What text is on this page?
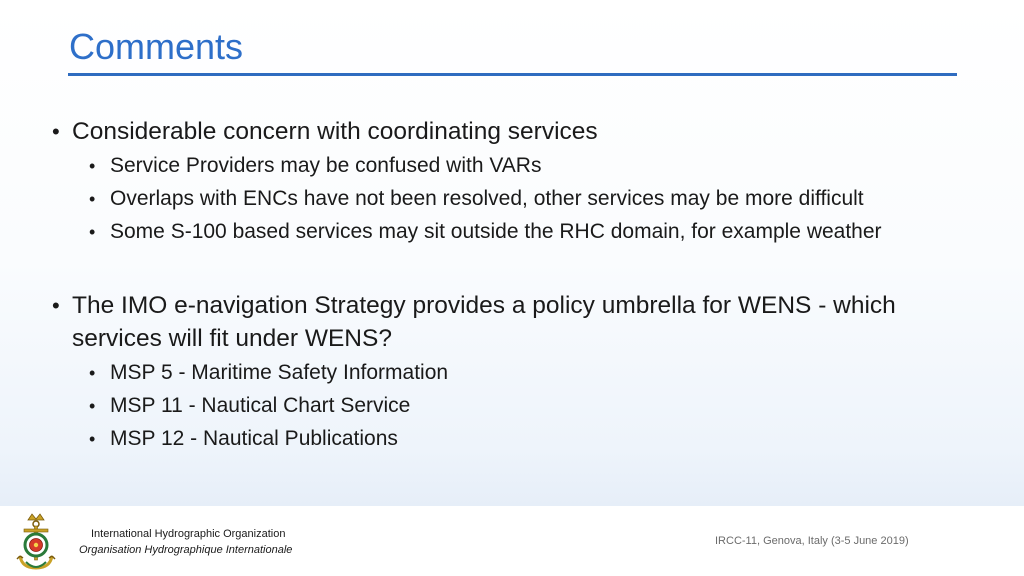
Comments
• Considerable concern with coordinating services
• Service Providers may be confused with VARs
• Overlaps with ENCs have not been resolved, other services may be more difficult
• Some S-100 based services may sit outside the RHC domain, for example weather
• The IMO e-navigation Strategy provides a policy umbrella for WENS - which services will fit under WENS?
• MSP 5 - Maritime Safety Information
• MSP 11 - Nautical Chart Service
• MSP 12 - Nautical Publications
International Hydrographic Organization
Organisation Hydrographique Internationale
IRCC-11, Genova, Italy (3-5 June 2019)
